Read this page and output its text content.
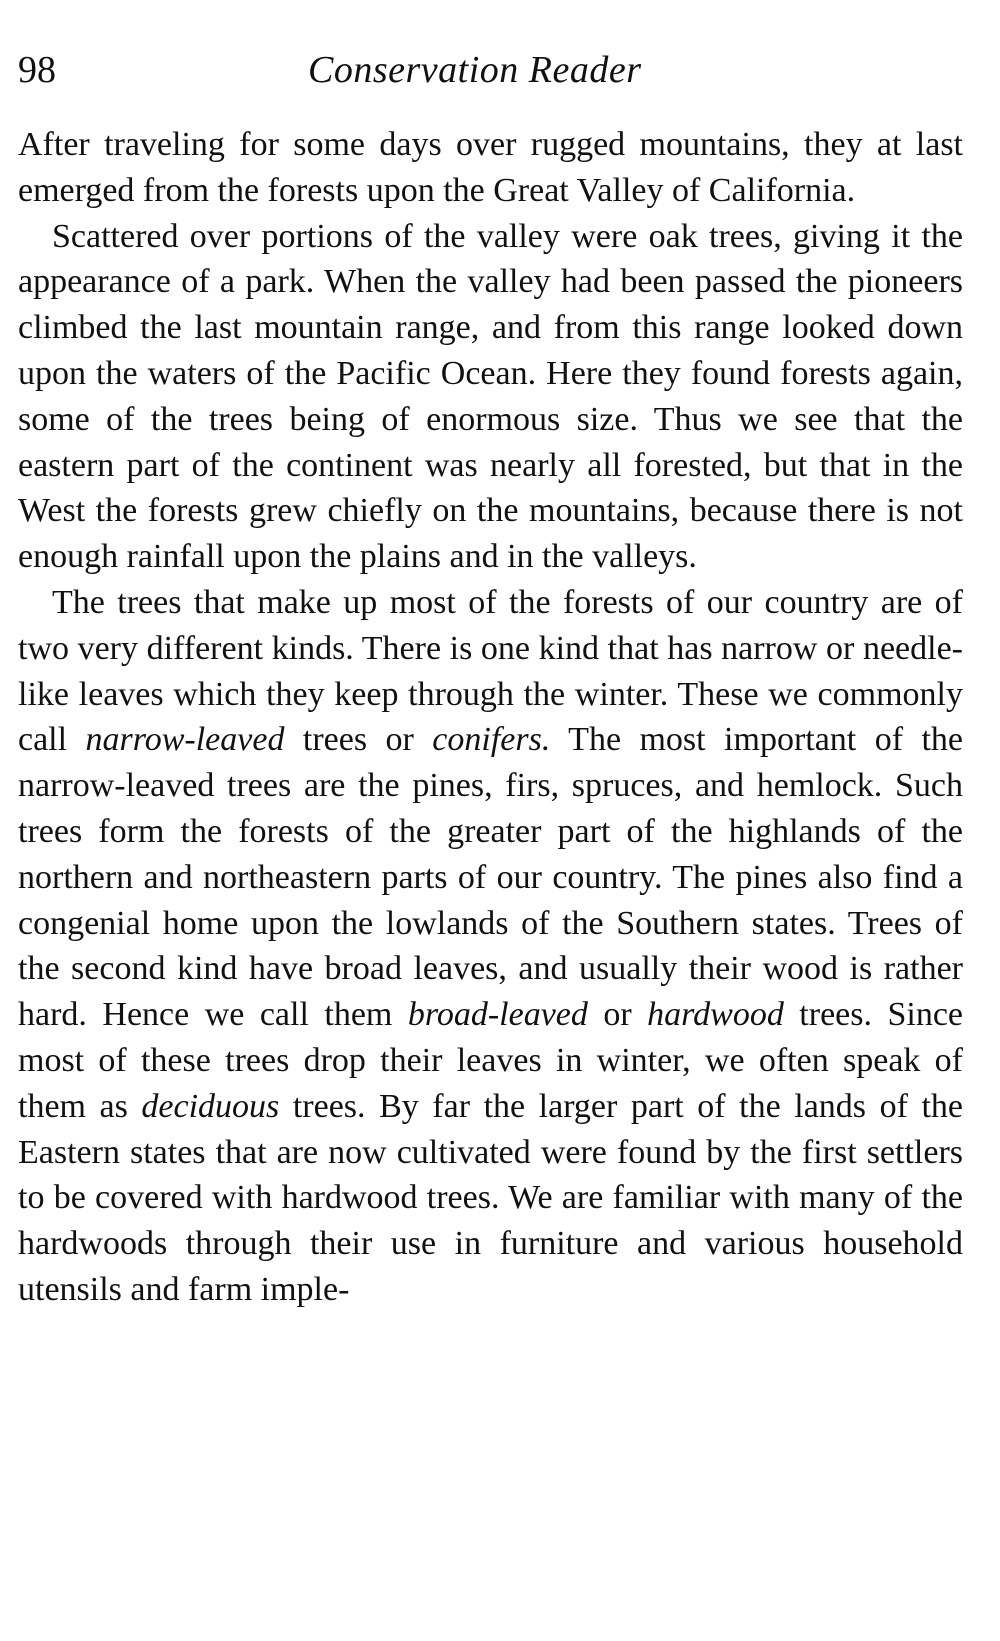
98	Conservation Reader

After traveling for some days over rugged mountains, they at last emerged from the forests upon the Great Valley of California.

Scattered over portions of the valley were oak trees, giving it the appearance of a park. When the valley had been passed the pioneers climbed the last mountain range, and from this range looked down upon the waters of the Pacific Ocean. Here they found forests again, some of the trees being of enormous size. Thus we see that the eastern part of the continent was nearly all forested, but that in the West the forests grew chiefly on the mountains, because there is not enough rainfall upon the plains and in the valleys.

The trees that make up most of the forests of our country are of two very different kinds. There is one kind that has narrow or needle-like leaves which they keep through the winter. These we commonly call narrow-leaved trees or conifers. The most important of the narrow-leaved trees are the pines, firs, spruces, and hemlock. Such trees form the forests of the greater part of the highlands of the northern and northeastern parts of our country. The pines also find a congenial home upon the lowlands of the Southern states. Trees of the second kind have broad leaves, and usually their wood is rather hard. Hence we call them broad-leaved or hardwood trees. Since most of these trees drop their leaves in winter, we often speak of them as deciduous trees. By far the larger part of the lands of the Eastern states that are now cultivated were found by the first settlers to be covered with hardwood trees. We are familiar with many of the hardwoods through their use in furniture and various household utensils and farm imple-
